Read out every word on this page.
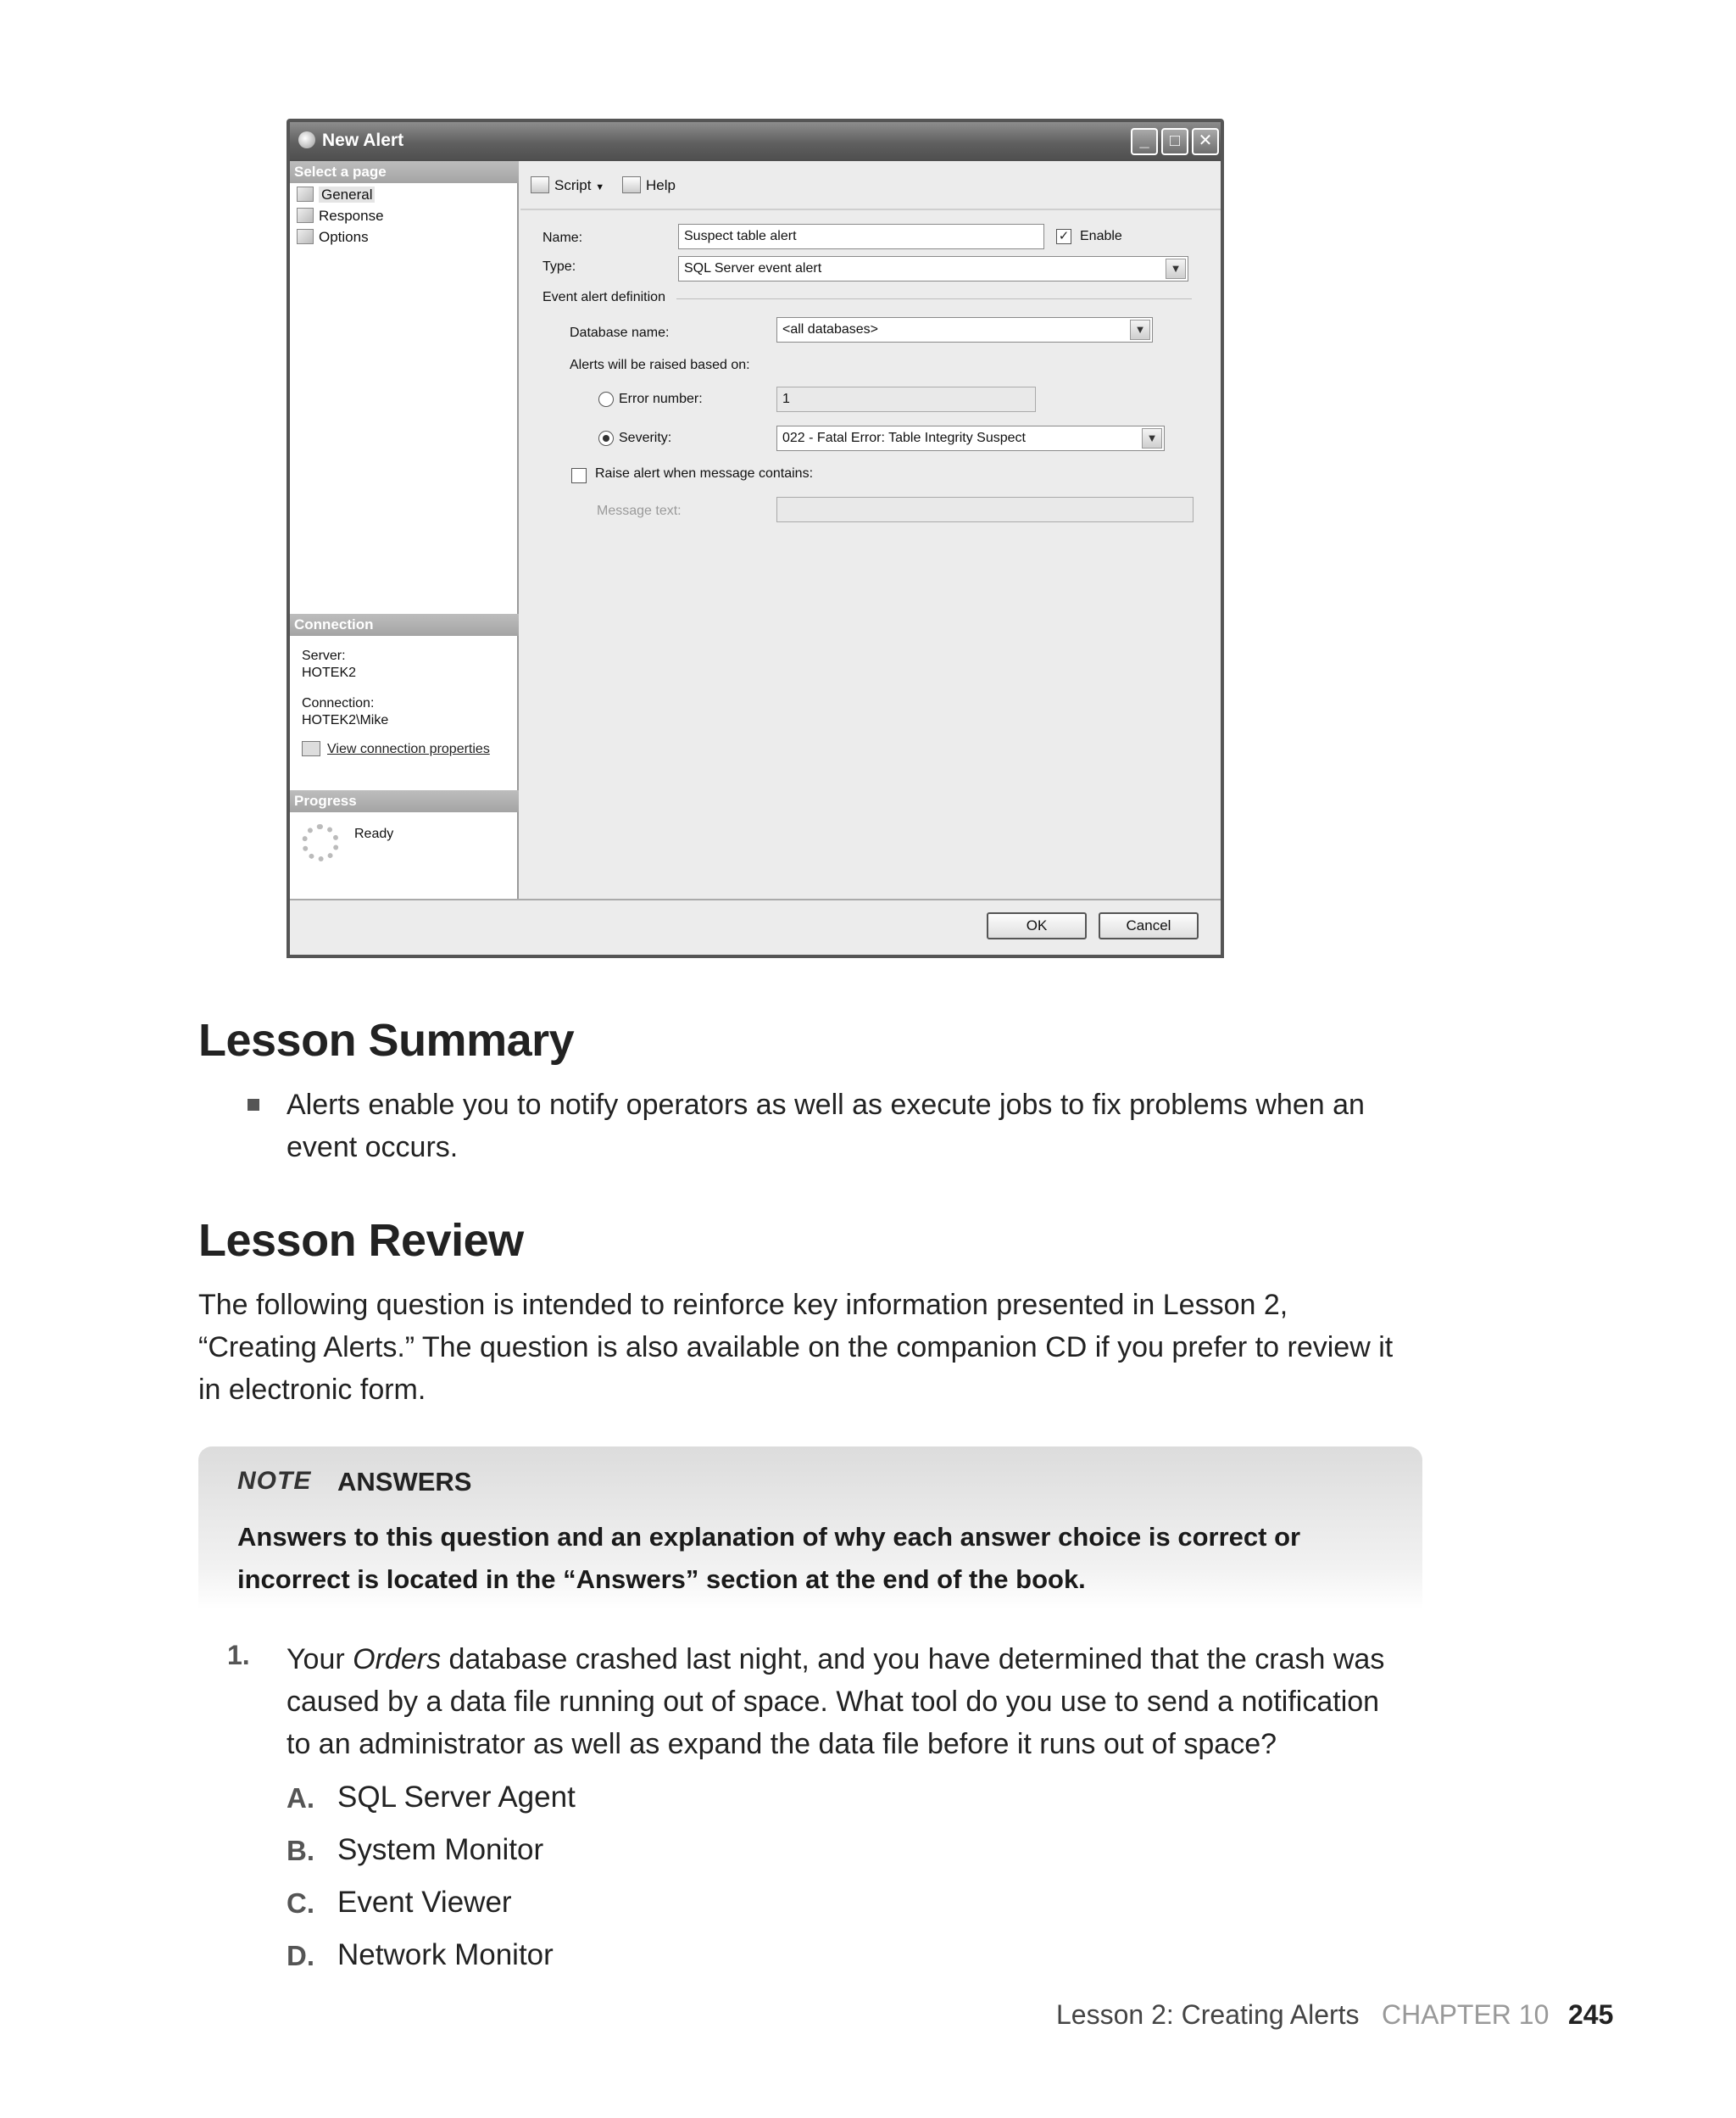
New Alert	_	□	✕
Select a page
General
Response
Options
Connection
Server:
HOTEK2
Connection:
HOTEK2\Mike
View connection properties
Progress
Ready
Script ▼	Help
Name:	Suspect table alert	✓ Enable
Type:	SQL Server event alert	▼
Event alert definition
Database name:	<all databases>	▼
Alerts will be raised based on:
Error number:	1
Severity:	022 - Fatal Error: Table Integrity Suspect	▼
Raise alert when message contains:
Message text:
OK	Cancel
Lesson Summary
Alerts enable you to notify operators as well as execute jobs to fix problems when an
event occurs.
Lesson Review
The following question is intended to reinforce key information presented in Lesson 2,
“Creating Alerts.” The question is also available on the companion CD if you prefer to review it
in electronic form.
NOTE ANSWERS
Answers to this question and an explanation of why each answer choice is correct or
incorrect is located in the “Answers” section at the end of the book.
1. Your Orders database crashed last night, and you have determined that the crash was
caused by a data file running out of space. What tool do you use to send a notification
to an administrator as well as expand the data file before it runs out of space?
A. SQL Server Agent
B. System Monitor
C. Event Viewer
D. Network Monitor
Lesson 2: Creating Alerts CHAPTER 10 245
